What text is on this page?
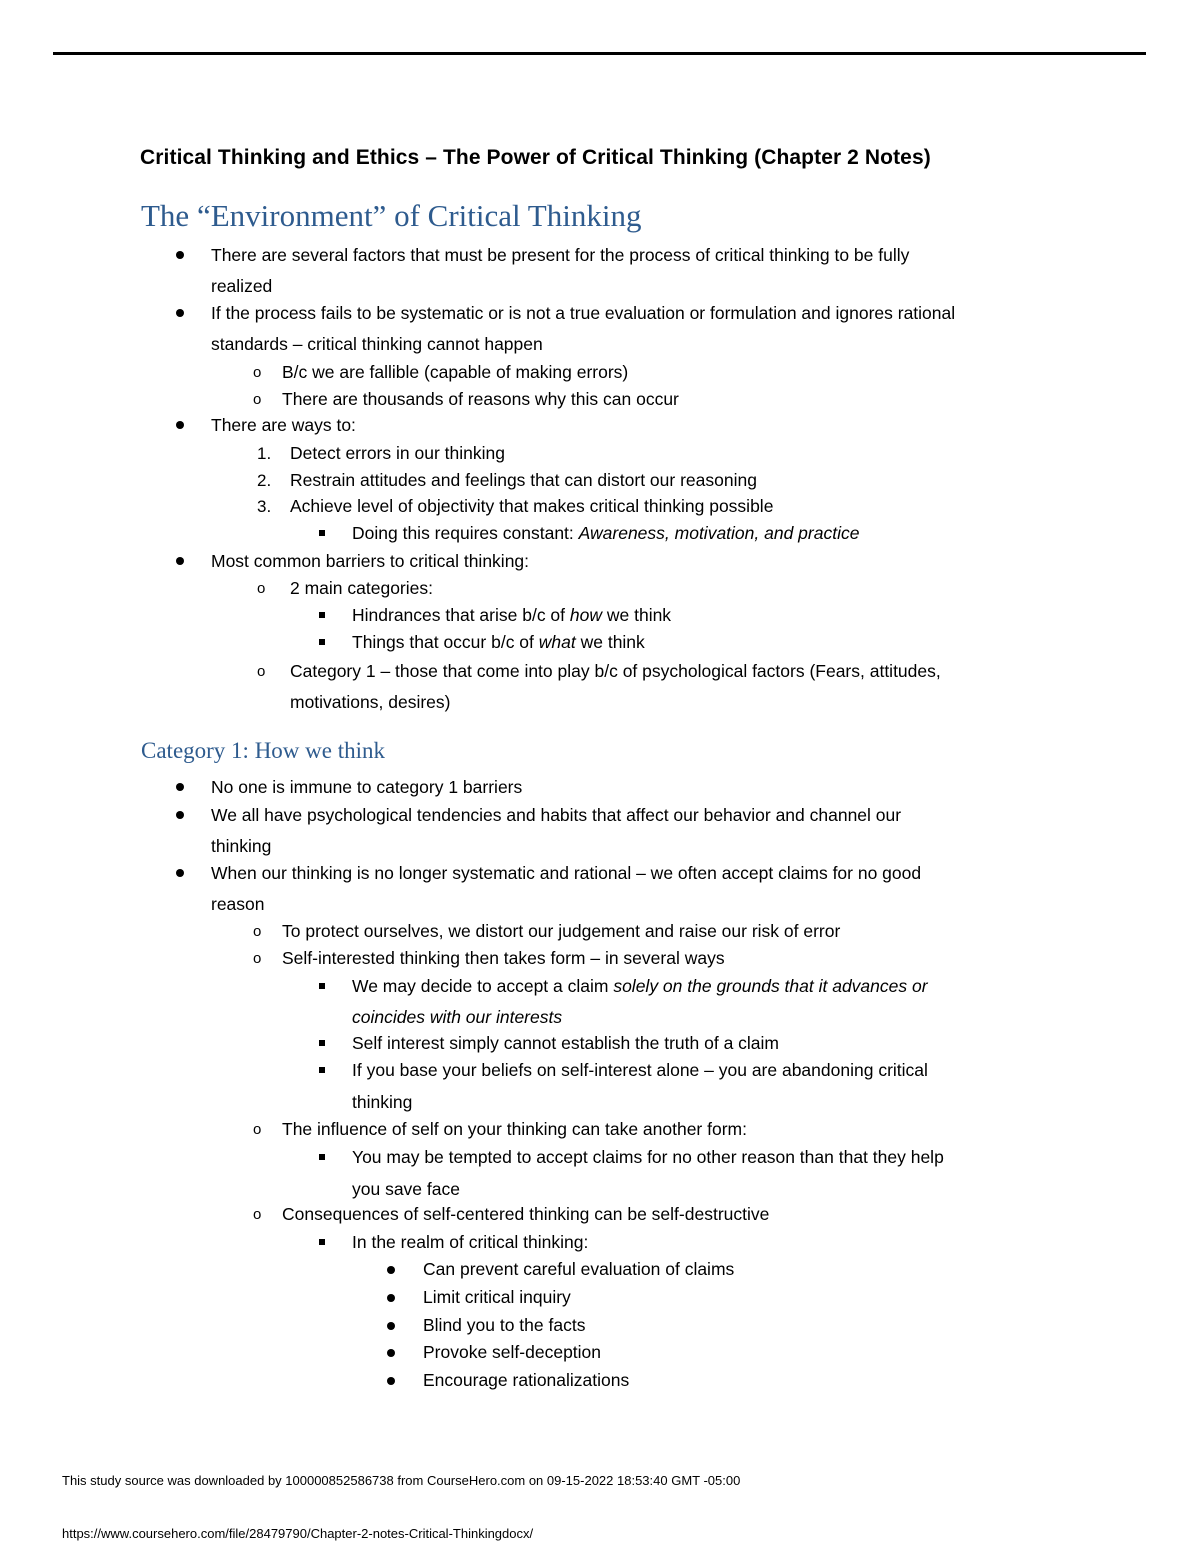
Critical Thinking and Ethics – The Power of Critical Thinking (Chapter 2 Notes)
The “Environment” of Critical Thinking
There are several factors that must be present for the process of critical thinking to be fully
realized
If the process fails to be systematic or is not a true evaluation or formulation and ignores rational
standards – critical thinking cannot happen
o B/c we are fallible (capable of making errors)
o There are thousands of reasons why this can occur
There are ways to:
1. Detect errors in our thinking
2. Restrain attitudes and feelings that can distort our reasoning
3. Achieve level of objectivity that makes critical thinking possible
Doing this requires constant: Awareness, motivation, and practice
Most common barriers to critical thinking:
o 2 main categories:
Hindrances that arise b/c of how we think
Things that occur b/c of what we think
o Category 1 – those that come into play b/c of psychological factors (Fears, attitudes,
motivations, desires)
Category 1: How we think
No one is immune to category 1 barriers
We all have psychological tendencies and habits that affect our behavior and channel our
thinking
When our thinking is no longer systematic and rational – we often accept claims for no good
reason
o To protect ourselves, we distort our judgement and raise our risk of error
o Self-interested thinking then takes form – in several ways
We may decide to accept a claim solely on the grounds that it advances or
coincides with our interests
Self interest simply cannot establish the truth of a claim
If you base your beliefs on self-interest alone – you are abandoning critical
thinking
o The influence of self on your thinking can take another form:
You may be tempted to accept claims for no other reason than that they help
you save face
o Consequences of self-centered thinking can be self-destructive
In the realm of critical thinking:
Can prevent careful evaluation of claims
Limit critical inquiry
Blind you to the facts
Provoke self-deception
Encourage rationalizations
This study source was downloaded by 100000852586738 from CourseHero.com on 09-15-2022 18:53:40 GMT -05:00
https://www.coursehero.com/file/28479790/Chapter-2-notes-Critical-Thinkingdocx/
